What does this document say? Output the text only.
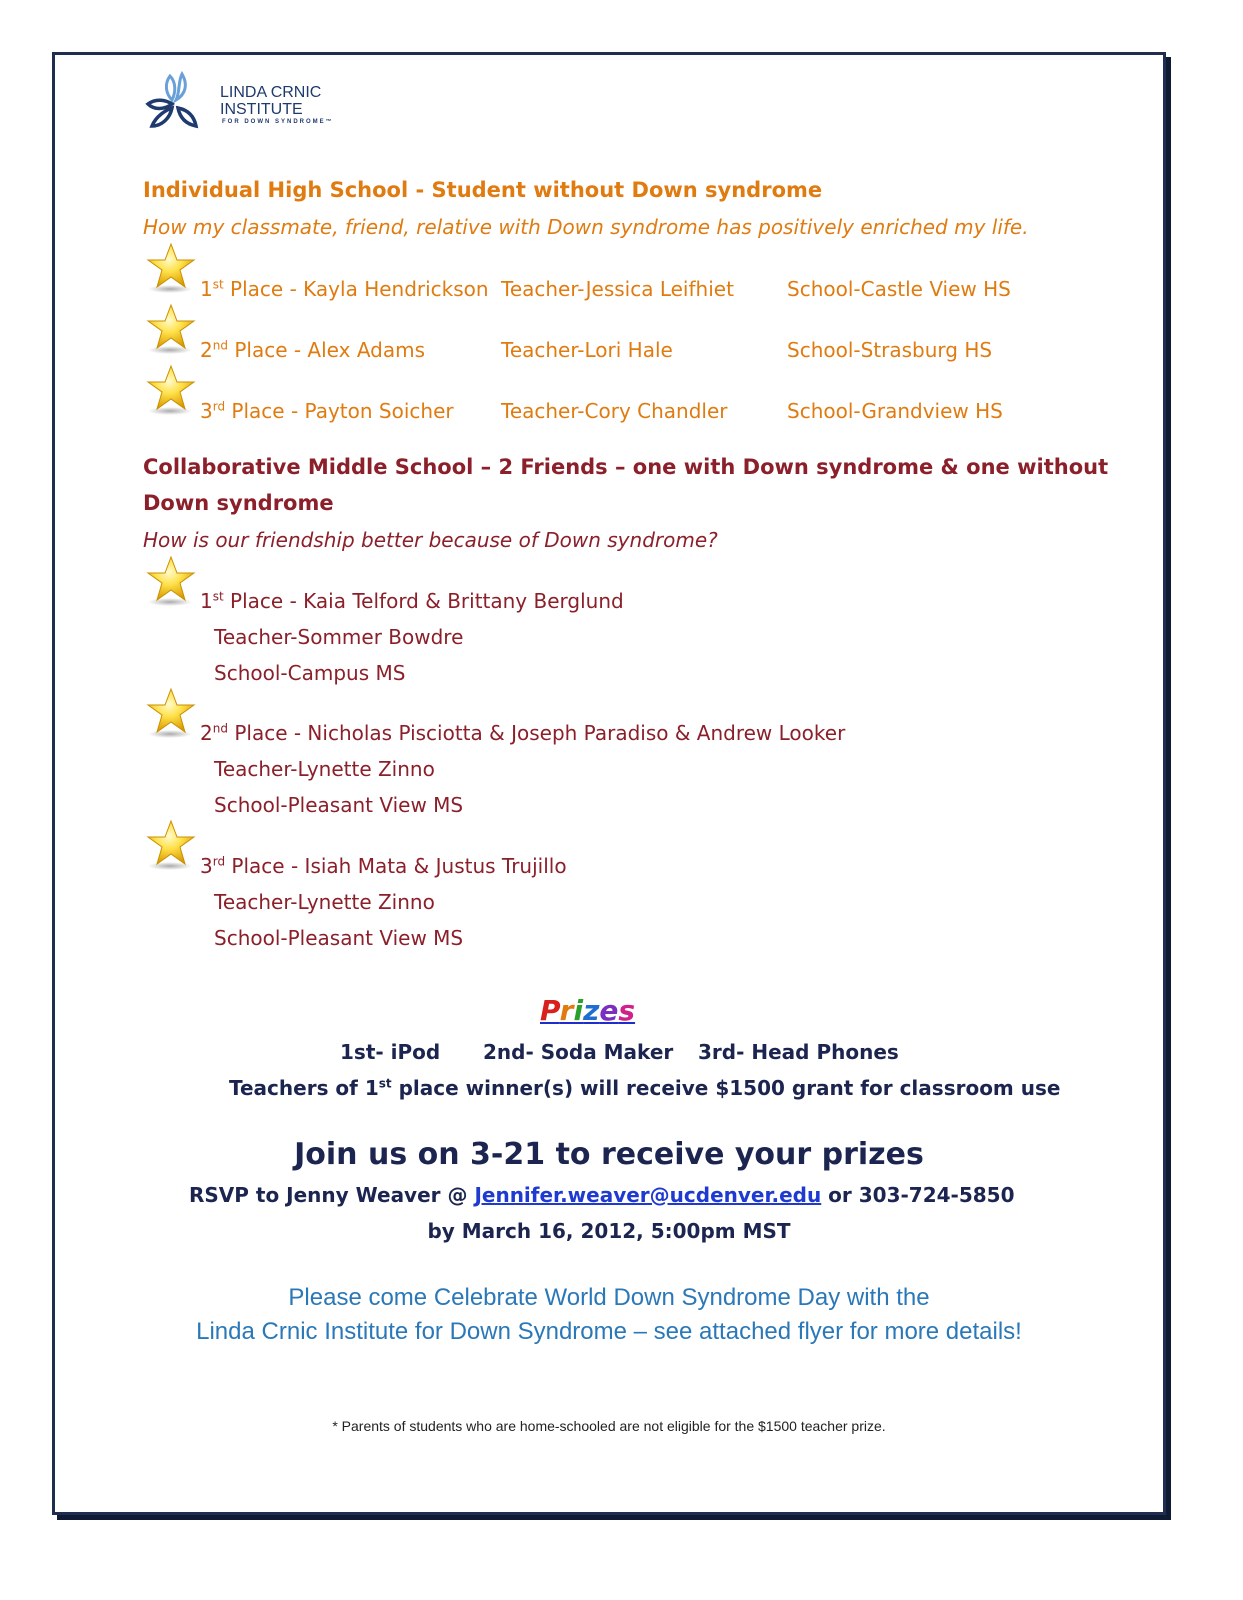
LINDA CRNIC
INSTITUTE
FOR DOWN SYNDROME™
Individual High School - Student without Down syndrome
How my classmate, friend, relative with Down syndrome has positively enriched my life.
1st Place - Kayla Hendrickson Teacher-Jessica Leifhiet	School-Castle View HS
2nd Place - Alex Adams	Teacher-Lori Hale	School-Strasburg HS
3rd Place - Payton Soicher Teacher-Cory Chandler	School-Grandview HS
Collaborative Middle School – 2 Friends – one with Down syndrome & one without
Down syndrome
How is our friendship better because of Down syndrome?
1st Place - Kaia Telford & Brittany Berglund
Teacher-Sommer Bowdre
School-Campus MS
2nd Place - Nicholas Pisciotta & Joseph Paradiso & Andrew Looker
Teacher-Lynette Zinno
School-Pleasant View MS
3rd Place - Isiah Mata & Justus Trujillo
Teacher-Lynette Zinno
School-Pleasant View MS
Prizes
1st- iPod 2nd- Soda Maker 3rd- Head Phones
Teachers of 1st place winner(s) will receive $1500 grant for classroom use
Join us on 3-21 to receive your prizes
RSVP to Jenny Weaver @ Jennifer.weaver@ucdenver.edu or 303-724-5850
by March 16, 2012, 5:00pm MST
Please come Celebrate World Down Syndrome Day with the
Linda Crnic Institute for Down Syndrome – see attached flyer for more details!
* Parents of students who are home-schooled are not eligible for the $1500 teacher prize.
